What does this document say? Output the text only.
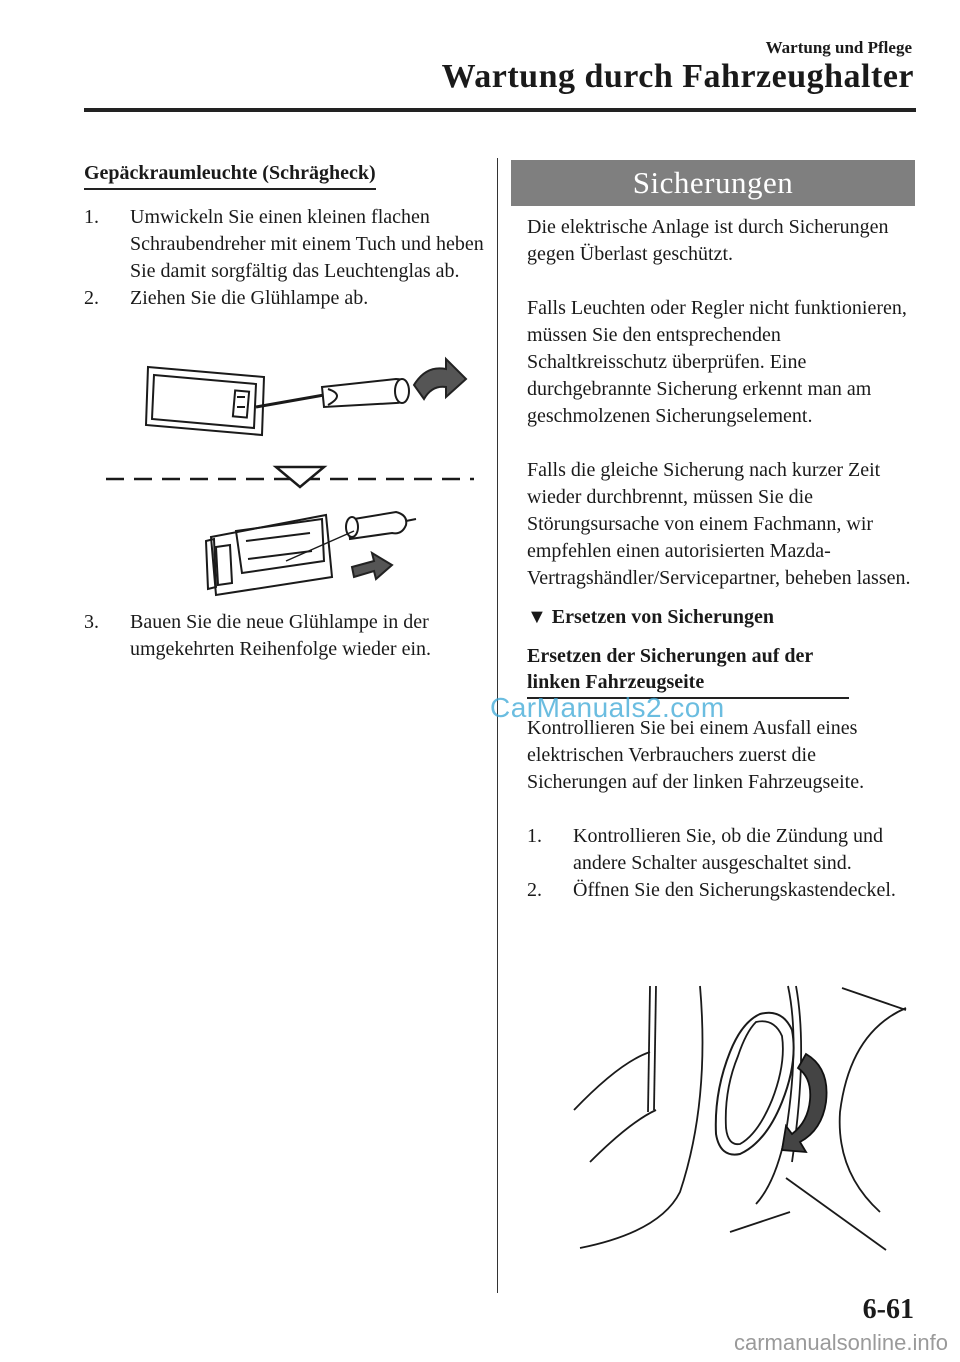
Wartung und Pflege
Wartung durch Fahrzeughalter
Gepäckraumleuchte (Schrägheck)
1. Umwickeln Sie einen kleinen flachen Schraubendreher mit einem Tuch und heben Sie damit sorgfältig das Leuchtenglas ab.
2. Ziehen Sie die Glühlampe ab.
3. Bauen Sie die neue Glühlampe in der umgekehrten Reihenfolge wieder ein.
Sicherungen
Die elektrische Anlage ist durch Sicherungen gegen Überlast geschützt.
Falls Leuchten oder Regler nicht funktionieren, müssen Sie den entsprechenden Schaltkreisschutz überprüfen. Eine durchgebrannte Sicherung erkennt man am geschmolzenen Sicherungselement.
Falls die gleiche Sicherung nach kurzer Zeit wieder durchbrennt, müssen Sie die Störungsursache von einem Fachmann, wir empfehlen einen autorisierten Mazda-Vertragshändler/Servicepartner, beheben lassen.
▼ Ersetzen von Sicherungen
Ersetzen der Sicherungen auf der linken Fahrzeugseite
Kontrollieren Sie bei einem Ausfall eines elektrischen Verbrauchers zuerst die Sicherungen auf der linken Fahrzeugseite.
1. Kontrollieren Sie, ob die Zündung und andere Schalter ausgeschaltet sind.
2. Öffnen Sie den Sicherungskastendeckel.
6-61
CarManuals2.com
carmanualsonline.info
